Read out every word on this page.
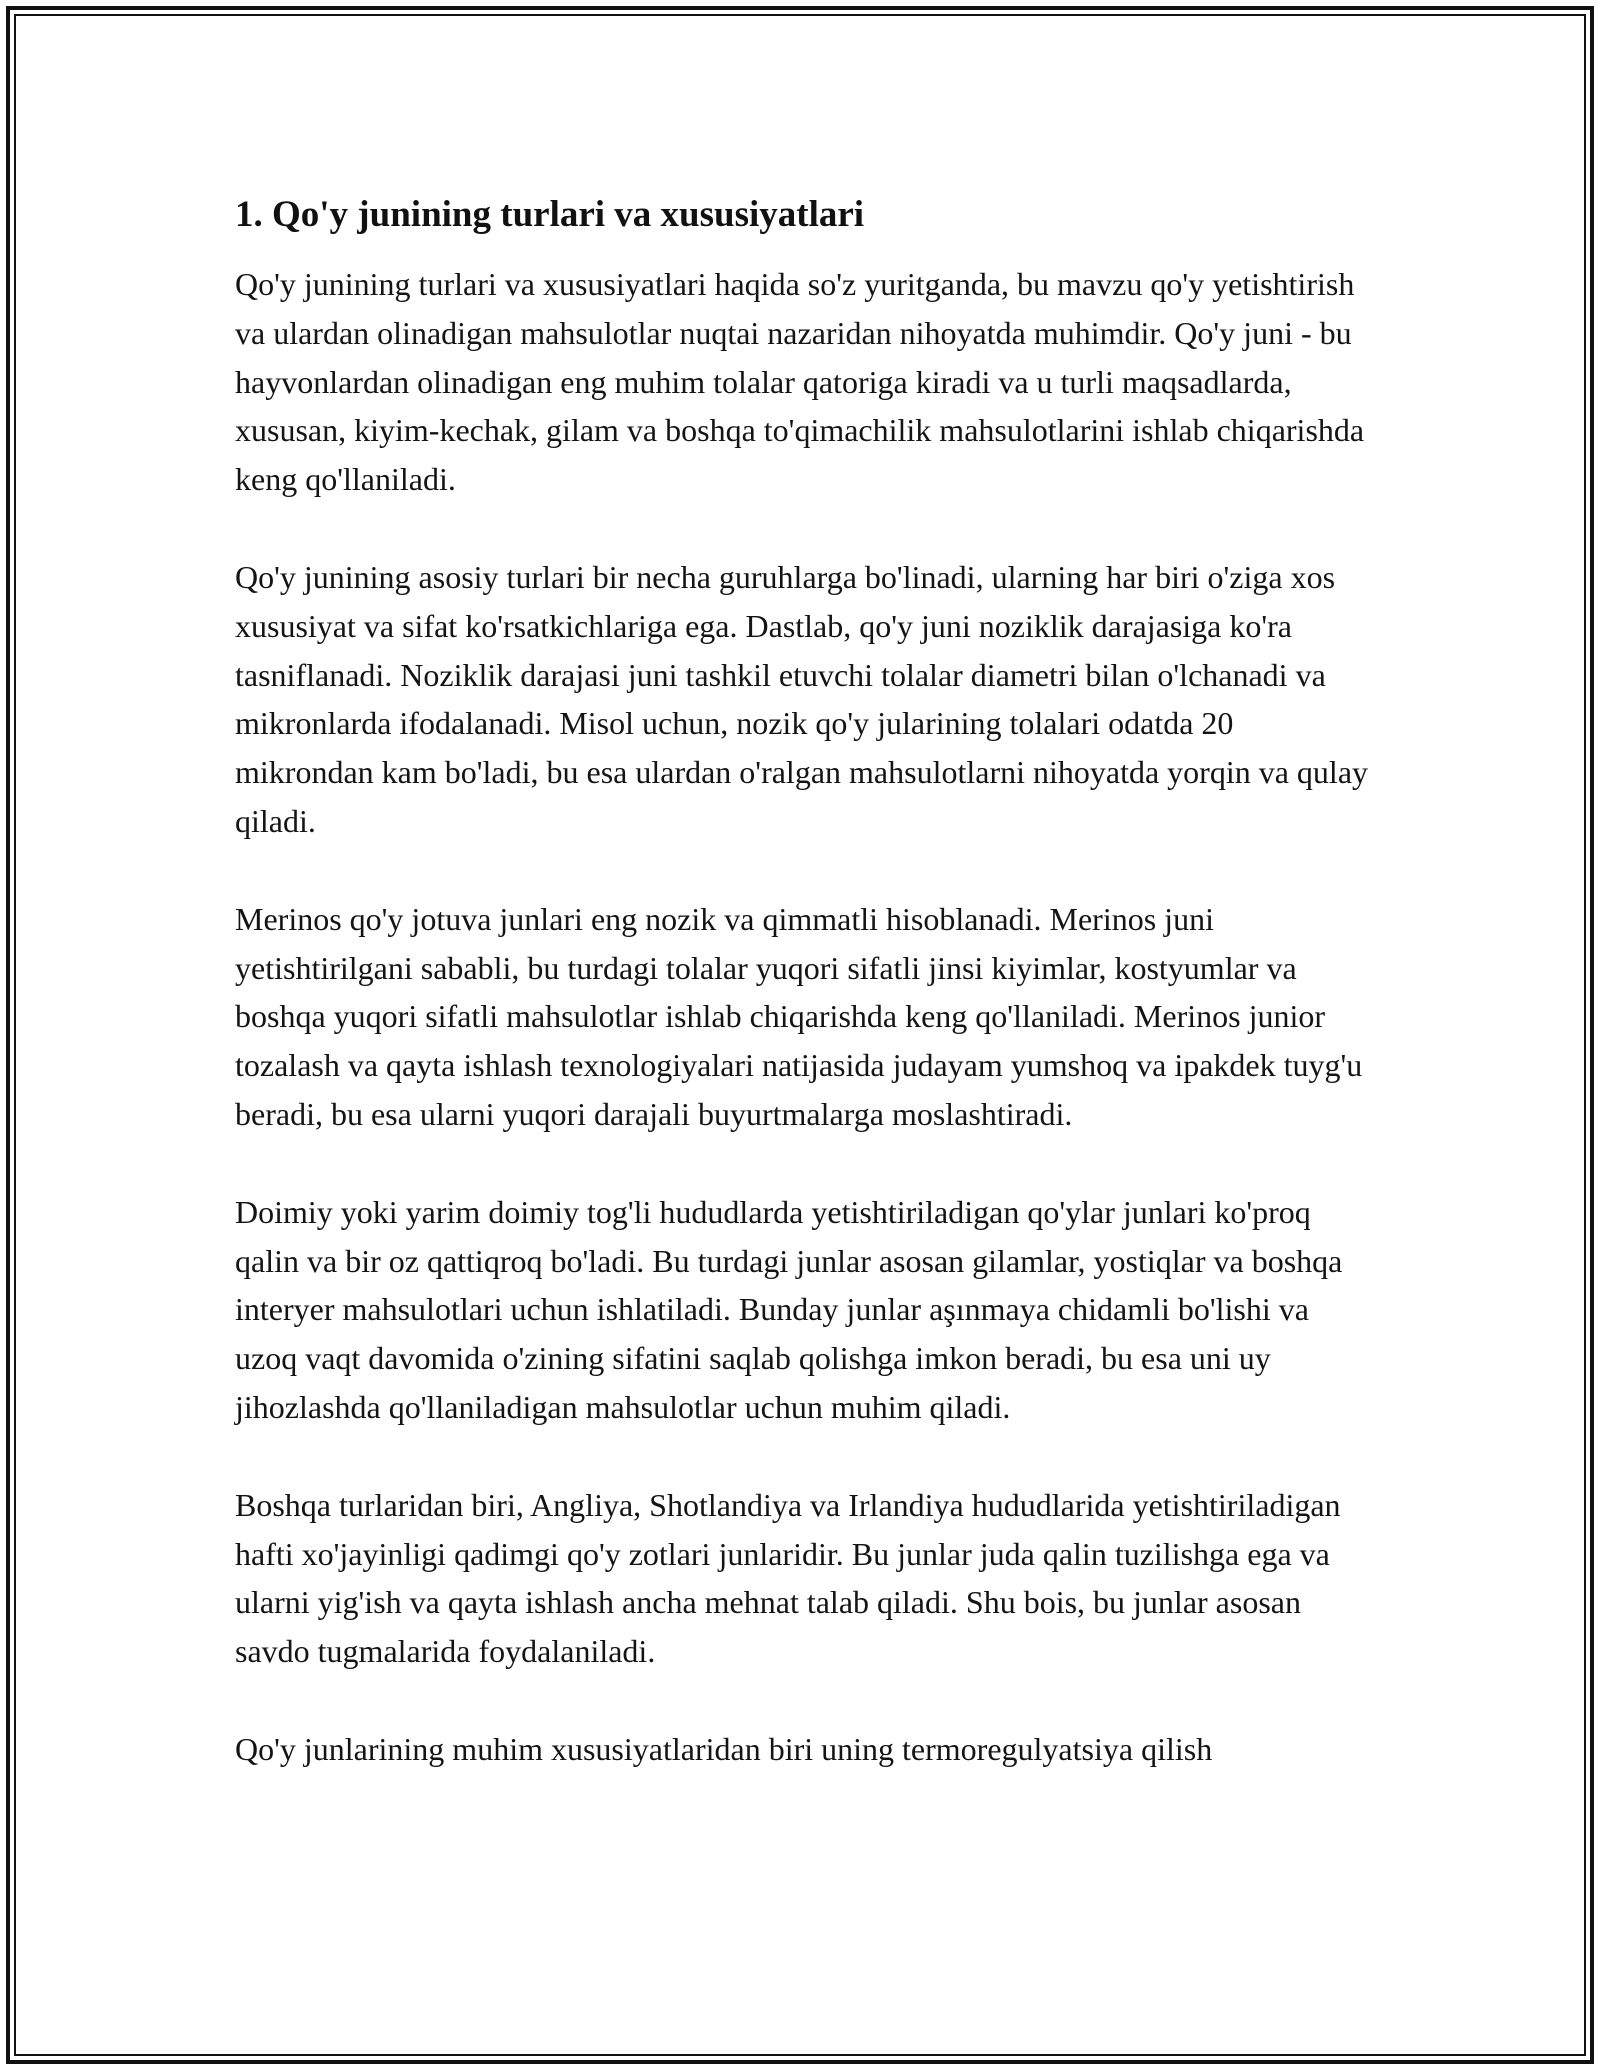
1. Qo'y junining turlari va xususiyatlari

Qo'y junining turlari va xususiyatlari haqida so'z yuritganda, bu mavzu qo'y yetishtirish va ulardan olinadigan mahsulotlar nuqtai nazaridan nihoyatda muhimdir. Qo'y juni - bu hayvonlardan olinadigan eng muhim tolalar qatoriga kiradi va u turli maqsadlarda, xususan, kiyim-kechak, gilam va boshqa to'qimachilik mahsulotlarini ishlab chiqarishda keng qo'llaniladi.

Qo'y junining asosiy turlari bir necha guruhlarga bo'linadi, ularning har biri o'ziga xos xususiyat va sifat ko'rsatkichlariga ega. Dastlab, qo'y juni noziklik darajasiga ko'ra tasniflanadi. Noziklik darajasi juni tashkil etuvchi tolalar diametri bilan o'lchanadi va mikronlarda ifodalanadi. Misol uchun, nozik qo'y jularining tolalari odatda 20 mikrondan kam bo'ladi, bu esa ulardan o'ralgan mahsulotlarni nihoyatda yorqin va qulay qiladi.

Merinos qo'y jotuva junlari eng nozik va qimmatli hisoblanadi. Merinos juni yetishtirilgani sababli, bu turdagi tolalar yuqori sifatli jinsi kiyimlar, kostyumlar va boshqa yuqori sifatli mahsulotlar ishlab chiqarishda keng qo'llaniladi. Merinos junior tozalash va qayta ishlash texnologiyalari natijasida judayam yumshoq va ipakdek tuyg'u beradi, bu esa ularni yuqori darajali buyurtmalarga moslashtiradi.

Doimiy yoki yarim doimiy tog'li hududlarda yetishtiriladigan qo'ylar junlari ko'proq qalin va bir oz qattiqroq bo'ladi. Bu turdagi junlar asosan gilamlar, yostiqlar va boshqa interyer mahsulotlari uchun ishlatiladi. Bunday junlar aşınmaya chidamli bo'lishi va uzoq vaqt davomida o'zining sifatini saqlab qolishga imkon beradi, bu esa uni uy jihozlashda qo'llaniladigan mahsulotlar uchun muhim qiladi.

Boshqa turlaridan biri, Angliya, Shotlandiya va Irlandiya hududlarida yetishtiriladigan hafti xo'jayinligi qadimgi qo'y zotlari junlaridir. Bu junlar juda qalin tuzilishga ega va ularni yig'ish va qayta ishlash ancha mehnat talab qiladi. Shu bois, bu junlar asosan savdo tugmalarida foydalaniladi.

Qo'y junlarining muhim xususiyatlaridan biri uning termoregulyatsiya qilish
